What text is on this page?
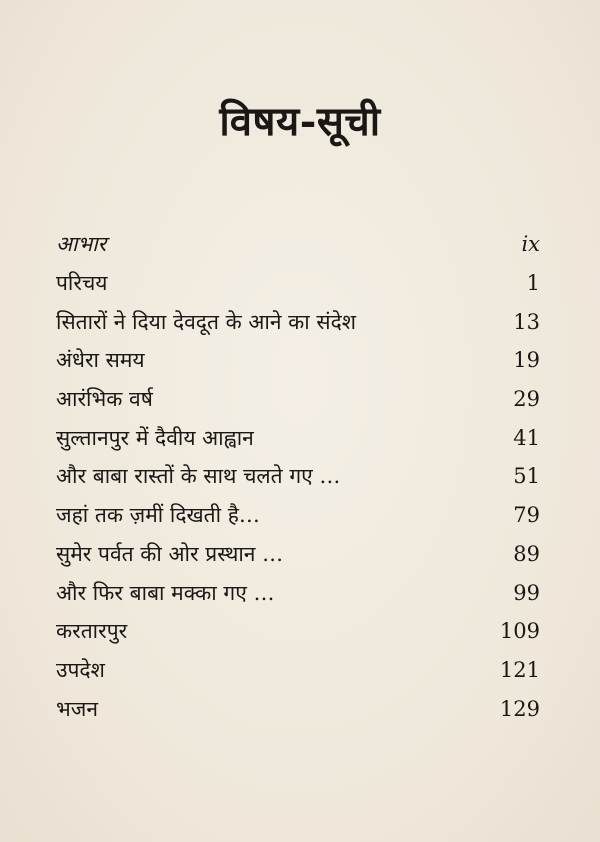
विषय-सूची
आभार	ix
परिचय	1
सितारों ने दिया देवदूत के आने का संदेश	13
अंधेरा समय	19
आरंभिक वर्ष	29
सुल्तानपुर में दैवीय आह्वान	41
और बाबा रास्तों के साथ चलते गए …	51
जहां तक ज़मीं दिखती है…	79
सुमेर पर्वत की ओर प्रस्थान …	89
और फिर बाबा मक्का गए …	99
करतारपुर	109
उपदेश	121
भजन	129
